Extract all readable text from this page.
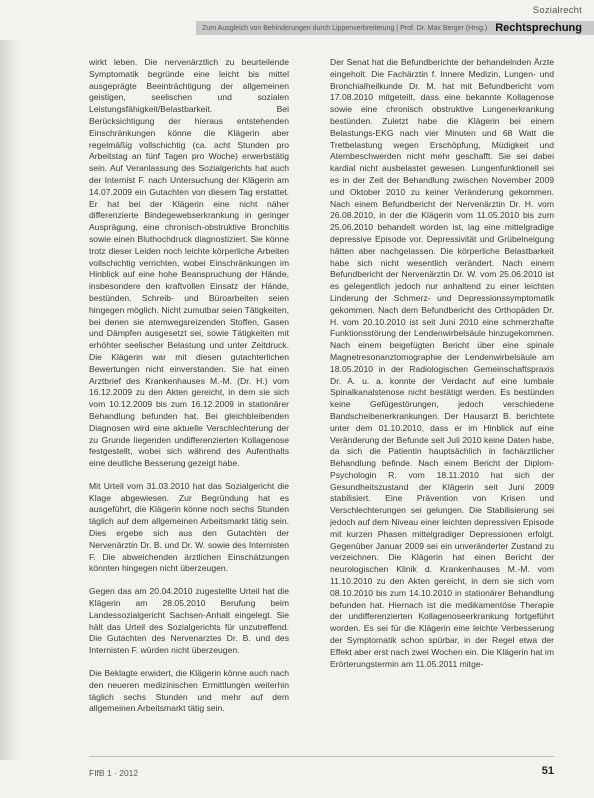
Sozialrecht
Zum Ausgleich von Behinderungen durch Lippenverbreiterung | Prof. Dr. Max Berger (Hrsg.) Rechtsprechung

wirkt leben. Die nervenärztlich zu beurteilende Symptomatik begründe eine leicht bis mittel ausgeprägte Beeinträchtigung der allgemeinen geistigen, seelischen und sozialen Leistungsfähigkeit/Belastbarkeit. Bei Berücksichtigung der hieraus entstehenden Einschränkungen könne die Klägerin aber regelmäßig vollschichtig (ca. acht Stunden pro Arbeitstag an fünf Tagen pro Woche) erwerbstätig sein. Auf Veranlassung des Sozialgerichts hat auch der Internist F. nach Untersuchung der Klägerin am 14.07.2009 ein Gutachten von diesem Tag erstattet. Er hat bei der Klägerin eine nicht näher differenzierte Bindegewebserkrankung in geringer Ausprägung, eine chronisch-obstruktive Bronchitis sowie einen Bluthochdruck diagnostiziert. Sie könne trotz dieser Leiden noch leichte körperliche Arbeiten vollschichtig verrichten, wobei Einschränkungen im Hinblick auf eine hohe Beanspruchung der Hände, insbesondere den kraftvollen Einsatz der Hände, bestünden. Schreib- und Büroarbeiten seien hingegen möglich. Nicht zumutbar seien Tätigkeiten, bei denen sie atemwegsreizenden Stoffen, Gasen und Dämpfen ausgesetzt sei, sowie Tätigkeiten mit erhöhter seelischer Belastung und unter Zeitdruck. Die Klägerin war mit diesen gutachterlichen Bewertungen nicht einverstanden. Sie hat einen Arztbrief des Krankenhauses M.-M. (Dr. H.) vom 16.12.2009 zu den Akten gereicht, in dem sie sich vom 10.12.2009 bis zum 16.12.2009 in stationärer Behandlung befunden hat. Bei gleichbleibenden Diagnosen wird eine aktuelle Verschlechterung der zu Grunde liegenden undifferenzierten Kollagenose festgestellt, wobei sich während des Aufenthalts eine deutliche Besserung gezeigt habe.

Mit Urteil vom 31.03.2010 hat das Sozialgericht die Klage abgewiesen. Zur Begründung hat es ausgeführt, die Klägerin könne noch sechs Stunden täglich auf dem allgemeinen Arbeitsmarkt tätig sein. Dies ergebe sich aus den Gutachten der Nervenärztin Dr. B. und Dr. W. sowie des Internisten F. Die abweichenden ärztlichen Einschätzungen könnten hingegen nicht überzeugen.

Gegen das am 20.04.2010 zugestellte Urteil hat die Klägerin am 28.05.2010 Berufung beim Landessozialgericht Sachsen-Anhalt eingelegt. Sie hält das Urteil des Sozialgerichts für unzutreffend. Die Gutachten des Nervenarztes Dr. B. und des Internisten F. würden nicht überzeugen.

Die Beklagte erwidert, die Klägerin könne auch nach den neueren medizinischen Ermittlungen weiterhin täglich sechs Stunden und mehr auf dem allgemeinen Arbeitsmarkt tätig sein.

Der Senat hat die Befundberichte der behandelnden Ärzte eingeholt. Die Fachärztin f. Innere Medizin, Lungen- und Bronchialheilkunde Dr. M. hat mit Befundbericht vom 17.08.2010 mitgeteilt, dass eine bekannte Kollagenose sowie eine chronisch obstruktive Lungenerkrankung bestünden. Zuletzt habe die Klägerin bei einem Belastungs-EKG nach vier Minuten und 68 Watt die Tretbelastung wegen Erschöpfung, Müdigkeit und Atembeschwerden nicht mehr geschafft. Sie sei dabei kardial nicht ausbelastet gewesen. Lungenfunktionell sei es in der Zeit der Behandlung zwischen November 2009 und Oktober 2010 zu keiner Veränderung gekommen. Nach einem Befundbericht der Nervenärztin Dr. H. vom 26.08.2010, in der die Klägerin vom 11.05.2010 bis zum 25.06.2010 behandelt worden ist, lag eine mittelgradige depressive Episode vor. Depressivität und Grübelneigung hätten aber nachgelassen. Die körperliche Belastbarkeit habe sich nicht wesentlich verändert. Nach einem Befundbericht der Nervenärztin Dr. W. vom 25.06.2010 ist es gelegentlich jedoch nur anhaltend zu einer leichten Linderung der Schmerz- und Depressionssymptomatik gekommen. Nach dem Befundbericht des Orthopäden Dr. H. vom 20.10.2010 ist seit Juni 2010 eine schmerzhafte Funktionsstörung der Lendenwirbelsäule hinzugekommen. Nach einem beigefügten Bericht über eine spinale Magnetresonanztomographie der Lendenwirbelsäule am 18.05.2010 in der Radiologischen Gemeinschaftspraxis Dr. A. u. a. konnte der Verdacht auf eine lumbale Spinalkanalstenose nicht bestätigt werden. Es bestünden keine Gefügestörungen, jedoch verschiedene Bandscheibenerkrankungen. Der Hausarzt B. berichtete unter dem 01.10.2010, dass er im Hinblick auf eine Veränderung der Befunde seit Juli 2010 keine Daten habe, da sich die Patientin hauptsächlich in fachärztlicher Behandlung befinde. Nach einem Bericht der Diplom-Psychologin R. vom 18.11.2010 hat sich der Gesundheitszustand der Klägerin seit Juni 2009 stabilisiert. Eine Prävention von Krisen und Verschlechterungen sei gelungen. Die Stabilisierung sei jedoch auf dem Niveau einer leichten depressiven Episode mit kurzen Phasen mittelgradiger Depressionen erfolgt. Gegenüber Januar 2009 sei ein unveränderter Zustand zu verzeichnen. Die Klägerin hat einen Bericht der neurologischen Klinik d. Krankenhauses M.-M. vom 11.10.2010 zu den Akten gereicht, in dem sie sich vom 08.10.2010 bis zum 14.10.2010 in stationärer Behandlung befunden hat. Hiernach ist die medikamentöse Therapie der undifferenzierten Kollagenoseerkrankung fortgeführt worden. Es sei für die Klägerin eine leichte Verbesserung der Symptomatik schon spürbar, in der Regel etwa der Effekt aber erst nach zwei Wochen ein. Die Klägerin hat im Erörterungstermin am 11.05.2011 mitge-

FIfB 1 · 2012	51
